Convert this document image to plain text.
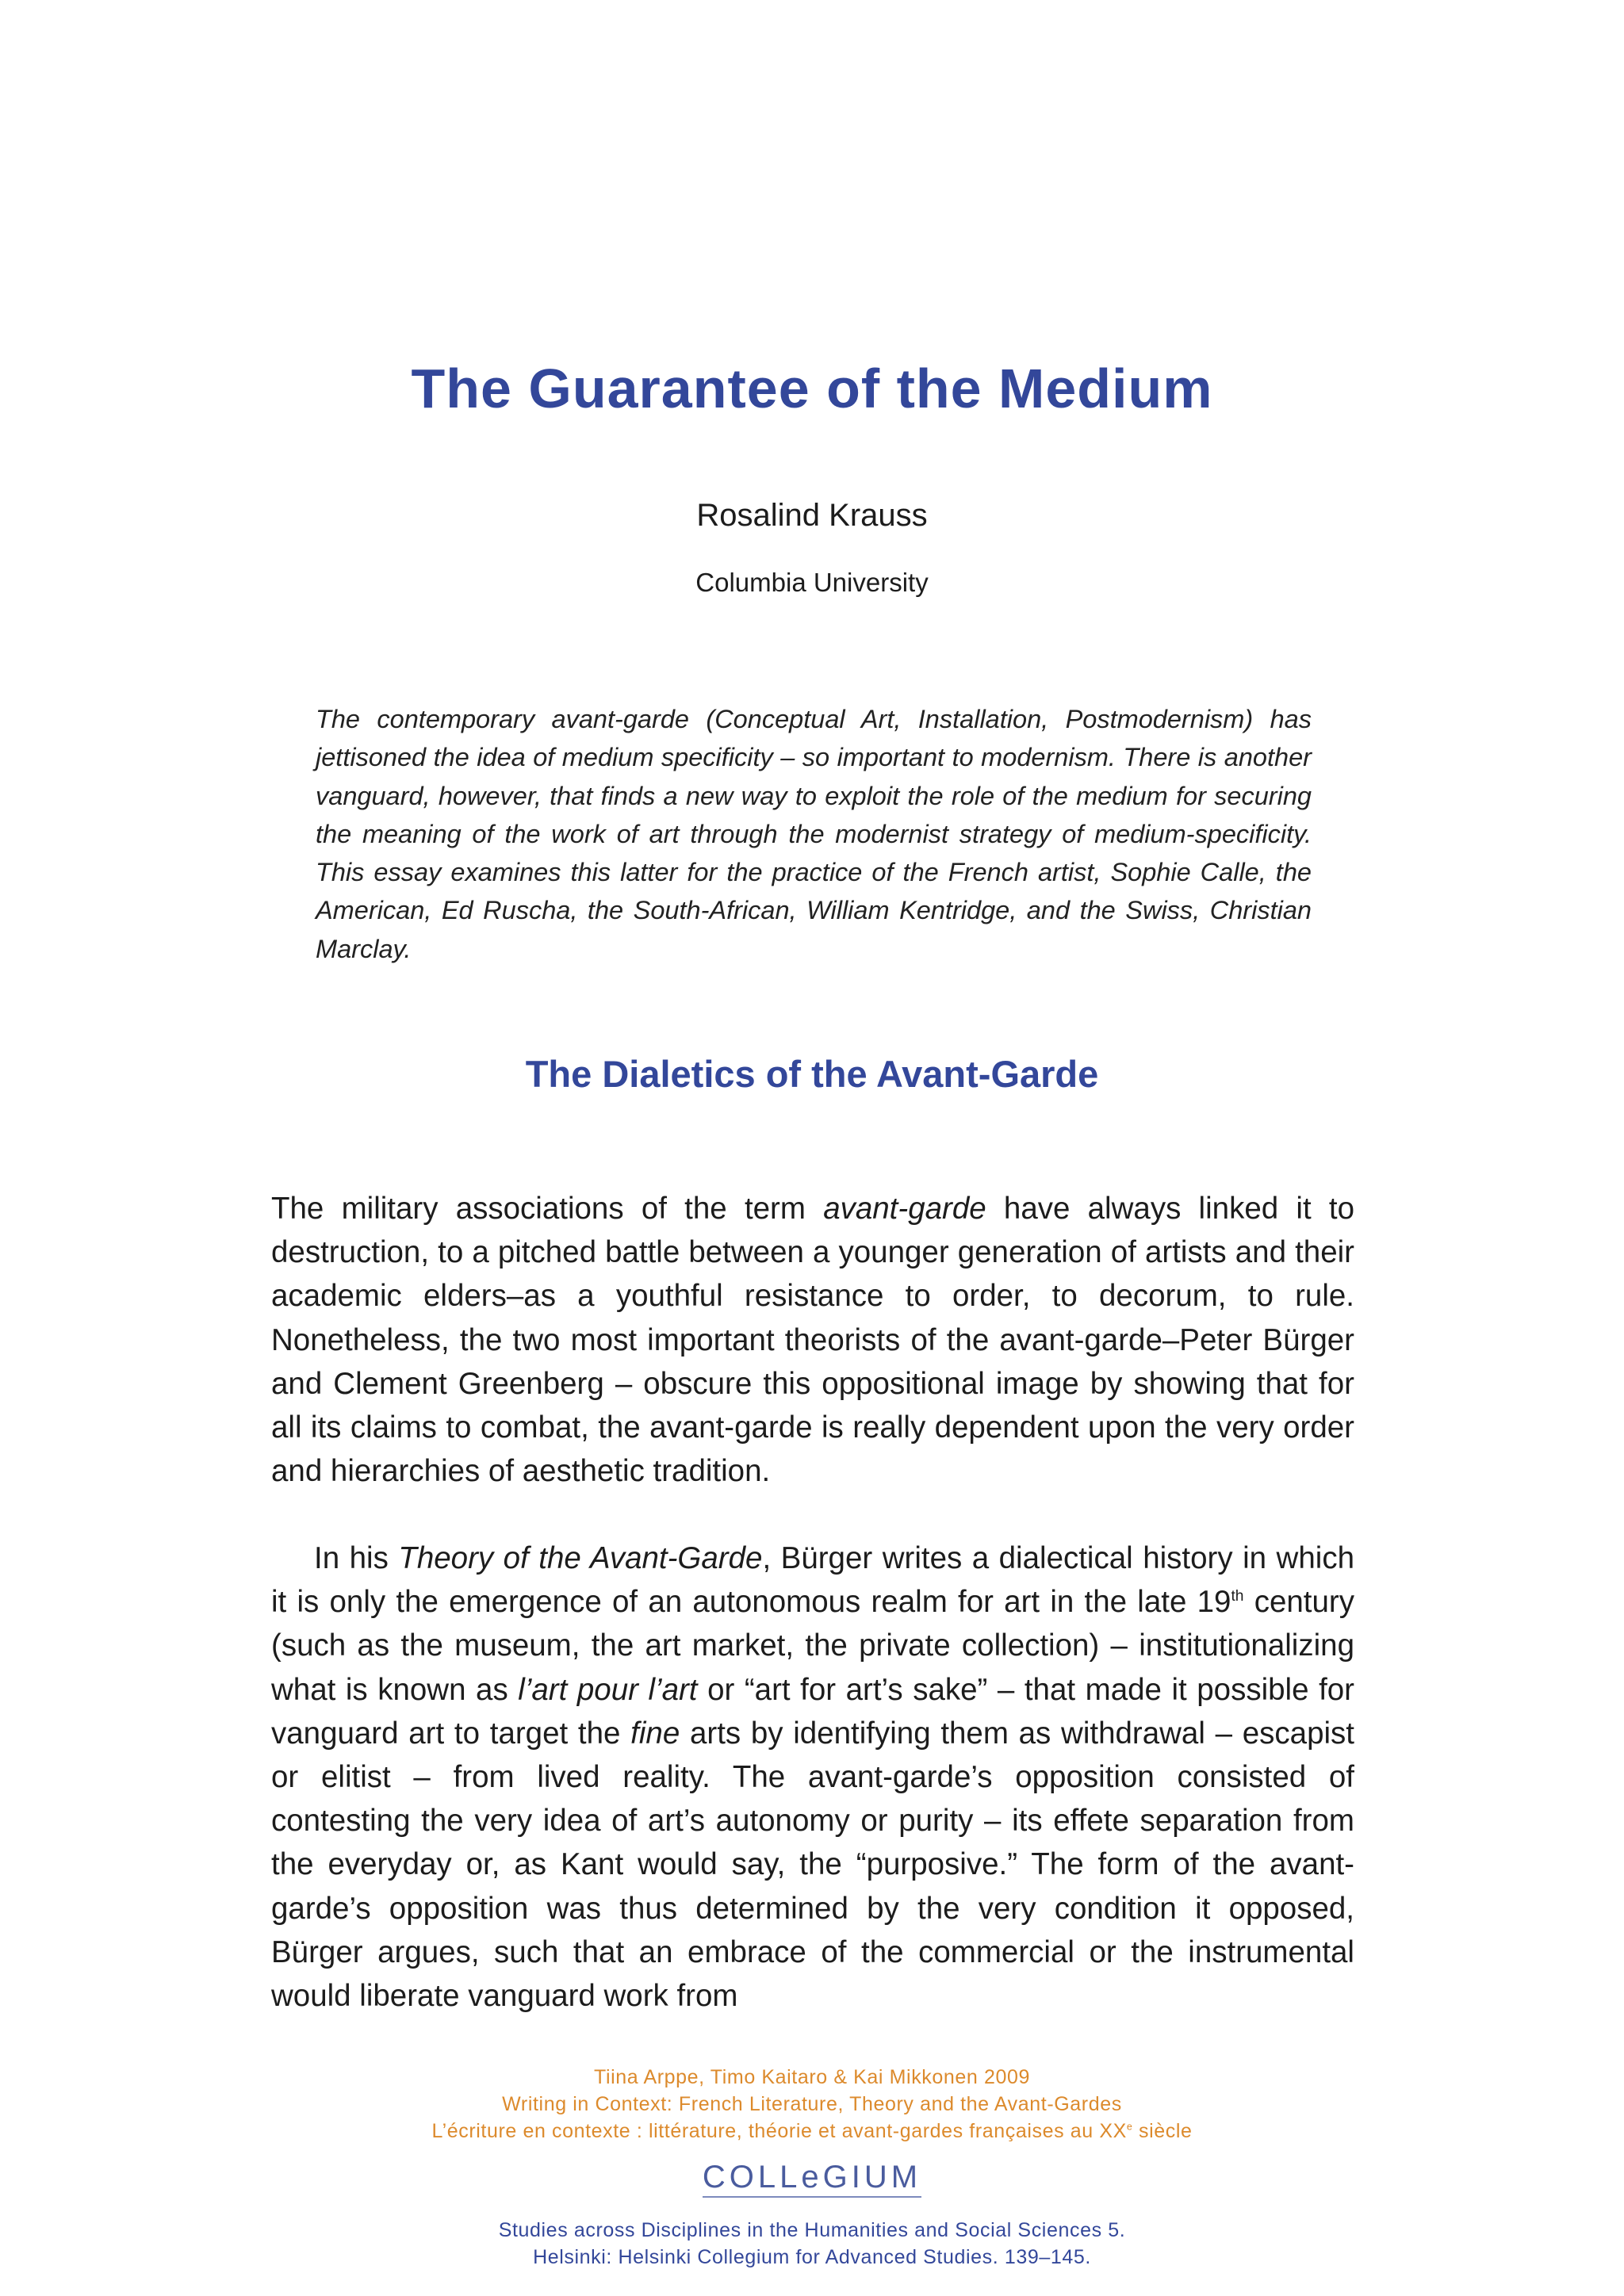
The Guarantee of the Medium
Rosalind Krauss
Columbia University

The contemporary avant-garde (Conceptual Art, Installation, Postmodernism) has jettisoned the idea of medium specificity – so important to modernism. There is another vanguard, however, that finds a new way to exploit the role of the medium for securing the meaning of the work of art through the modernist strategy of medium-specificity. This essay examines this latter for the practice of the French artist, Sophie Calle, the American, Ed Ruscha, the South-African, William Kentridge, and the Swiss, Christian Marclay.

The Dialetics of the Avant-Garde

The military associations of the term avant-garde have always linked it to destruction, to a pitched battle between a younger generation of artists and their academic elders–as a youthful resistance to order, to decorum, to rule. Nonetheless, the two most important theorists of the avant-garde–Peter Bürger and Clement Greenberg – obscure this oppositional image by showing that for all its claims to combat, the avant-garde is really dependent upon the very order and hierarchies of aesthetic tradition.

In his Theory of the Avant-Garde, Bürger writes a dialectical history in which it is only the emergence of an autonomous realm for art in the late 19th century (such as the museum, the art market, the private collection) – institutionalizing what is known as l’art pour l’art or “art for art’s sake” – that made it possible for vanguard art to target the fine arts by identifying them as withdrawal – escapist or elitist – from lived reality. The avant-garde’s opposition consisted of contesting the very idea of art’s autonomy or purity – its effete separation from the everyday or, as Kant would say, the “purposive.” The form of the avant-garde’s opposition was thus determined by the very condition it opposed, Bürger argues, such that an embrace of the commercial or the instrumental would liberate vanguard work from

Tiina Arppe, Timo Kaitaro & Kai Mikkonen 2009
Writing in Context: French Literature, Theory and the Avant-Gardes
L’écriture en contexte : littérature, théorie et avant-gardes françaises au XXe siècle
COLLeGIUM
Studies across Disciplines in the Humanities and Social Sciences 5.
Helsinki: Helsinki Collegium for Advanced Studies. 139–145.
